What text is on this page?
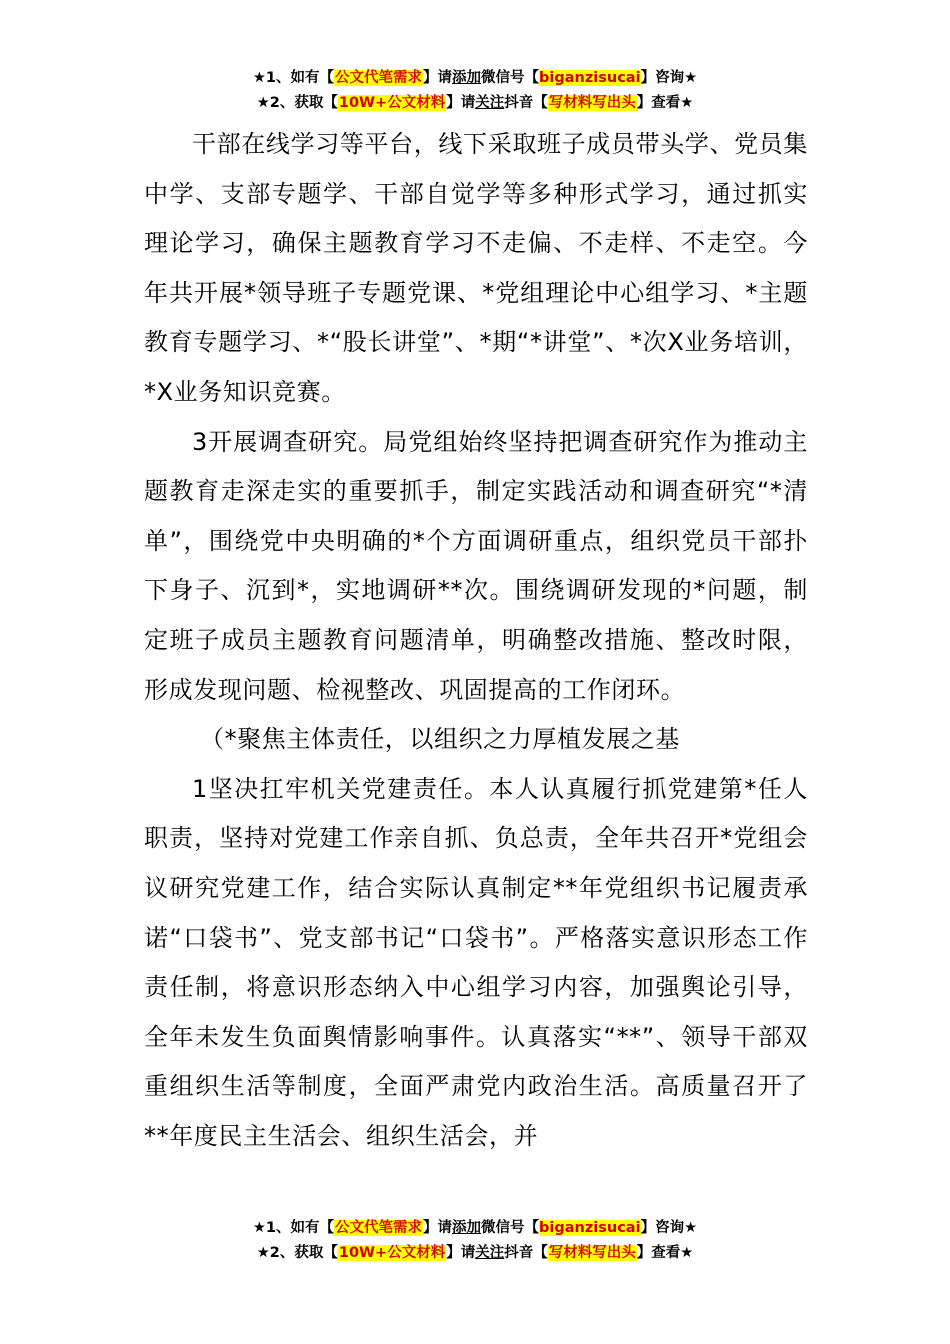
★1、如有【公文代笔需求】请添加微信号【biganzisucai】咨询★
★2、获取【10W+公文材料】请关注抖音【写材料写出头】查看★

干部在线学习等平台，线下采取班子成员带头学、党员集中学、支部专题学、干部自觉学等多种形式学习，通过抓实理论学习，确保主题教育学习不走偏、不走样、不走空。今年共开展*领导班子专题党课、*党组理论中心组学习、*主题教育专题学习、*“股长讲堂”、*期“*讲堂”、*次X业务培训，*X业务知识竞赛。

3开展调查研究。局党组始终坚持把调查研究作为推动主题教育走深走实的重要抓手，制定实践活动和调查研究“*清单”，围绕党中央明确的*个方面调研重点，组织党员干部扑下身子、沉到*，实地调研**次。围绕调研发现的*问题，制定班子成员主题教育问题清单，明确整改措施、整改时限，形成发现问题、检视整改、巩固提高的工作闭环。

（*聚焦主体责任，以组织之力厚植发展之基

1坚决扛牢机关党建责任。本人认真履行抓党建第*任人职责，坚持对党建工作亲自抓、负总责，全年共召开*党组会议研究党建工作，结合实际认真制定**年党组织书记履责承诺“口袋书”、党支部书记“口袋书”。严格落实意识形态工作责任制，将意识形态纳入中心组学习内容，加强舆论引导，全年未发生负面舆情影响事件。认真落实“**”、领导干部双重组织生活等制度，全面严肃党内政治生活。高质量召开了**年度民主生活会、组织生活会，并

★1、如有【公文代笔需求】请添加微信号【biganzisucai】咨询★
★2、获取【10W+公文材料】请关注抖音【写材料写出头】查看★
